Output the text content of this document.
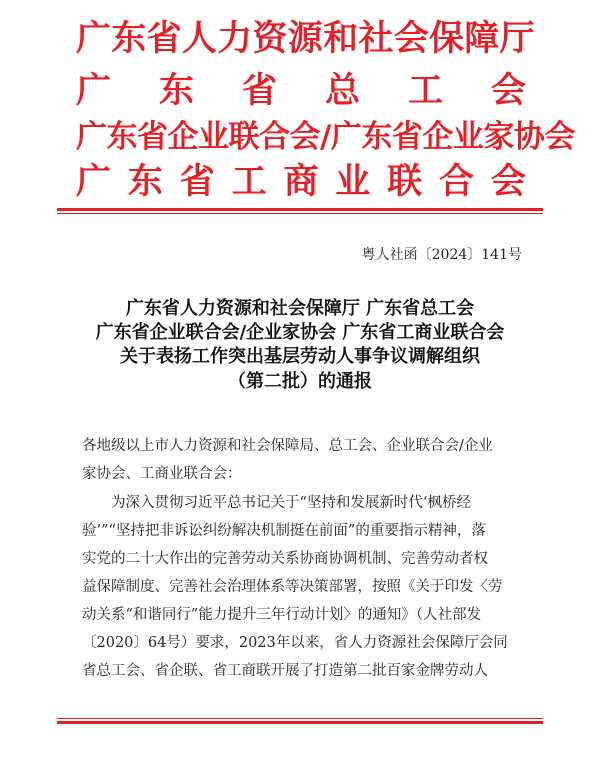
广东省人力资源和社会保障厅
广 东 省 总 工 会
广东省企业联合会/广东省企业家协会
广 东 省 工 商 业 联 合 会
粤人社函〔2024〕141号
广东省人力资源和社会保障厅 广东省总工会
广东省企业联合会/企业家协会 广东省工商业联合会
关于表扬工作突出基层劳动人事争议调解组织
（第二批）的通报
各地级以上市人力资源和社会保障局、总工会、企业联合会/企业
家协会、工商业联合会：
为深入贯彻习近平总书记关于“坚持和发展新时代‘枫桥经
验’”“坚持把非诉讼纠纷解决机制挺在前面”的重要指示精神，落
实党的二十大作出的完善劳动关系协商协调机制、完善劳动者权
益保障制度、完善社会治理体系等决策部署，按照《关于印发〈劳
动关系“和谐同行”能力提升三年行动计划〉的通知》（人社部发
〔2020〕64号）要求，2023年以来，省人力资源社会保障厅会同
省总工会、省企联、省工商联开展了打造第二批百家金牌劳动人
